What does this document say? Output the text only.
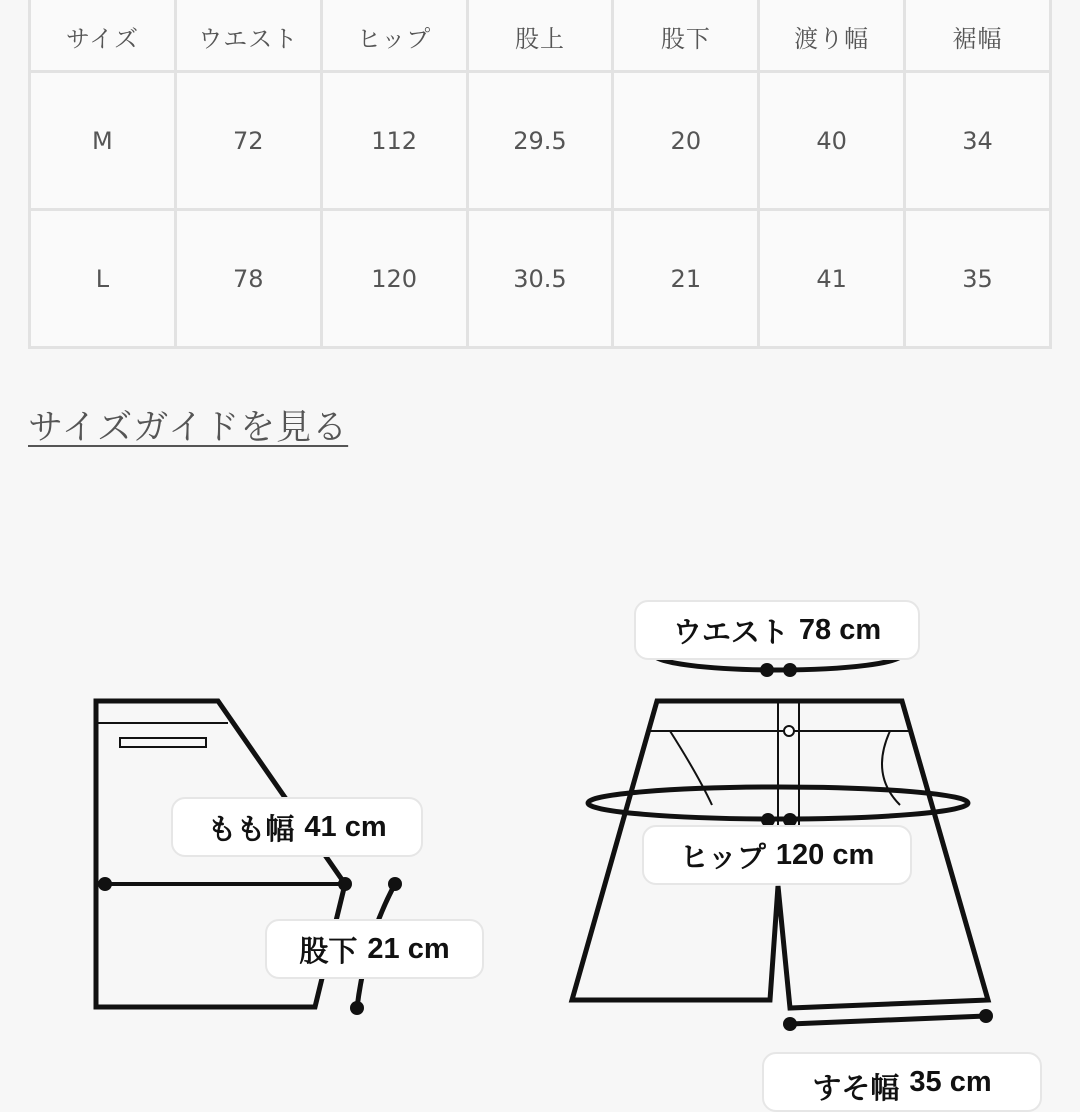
サイズ	ウエスト	ヒップ	股上	股下	渡り幅	裾幅
M	72	112	29.5	20	40	34
L	78	120	30.5	21	41	35
サイズガイドを見る
ウエスト 78 cm
もも幅 41 cm
股下 21 cm
ヒップ 120 cm
すそ幅 35 cm
